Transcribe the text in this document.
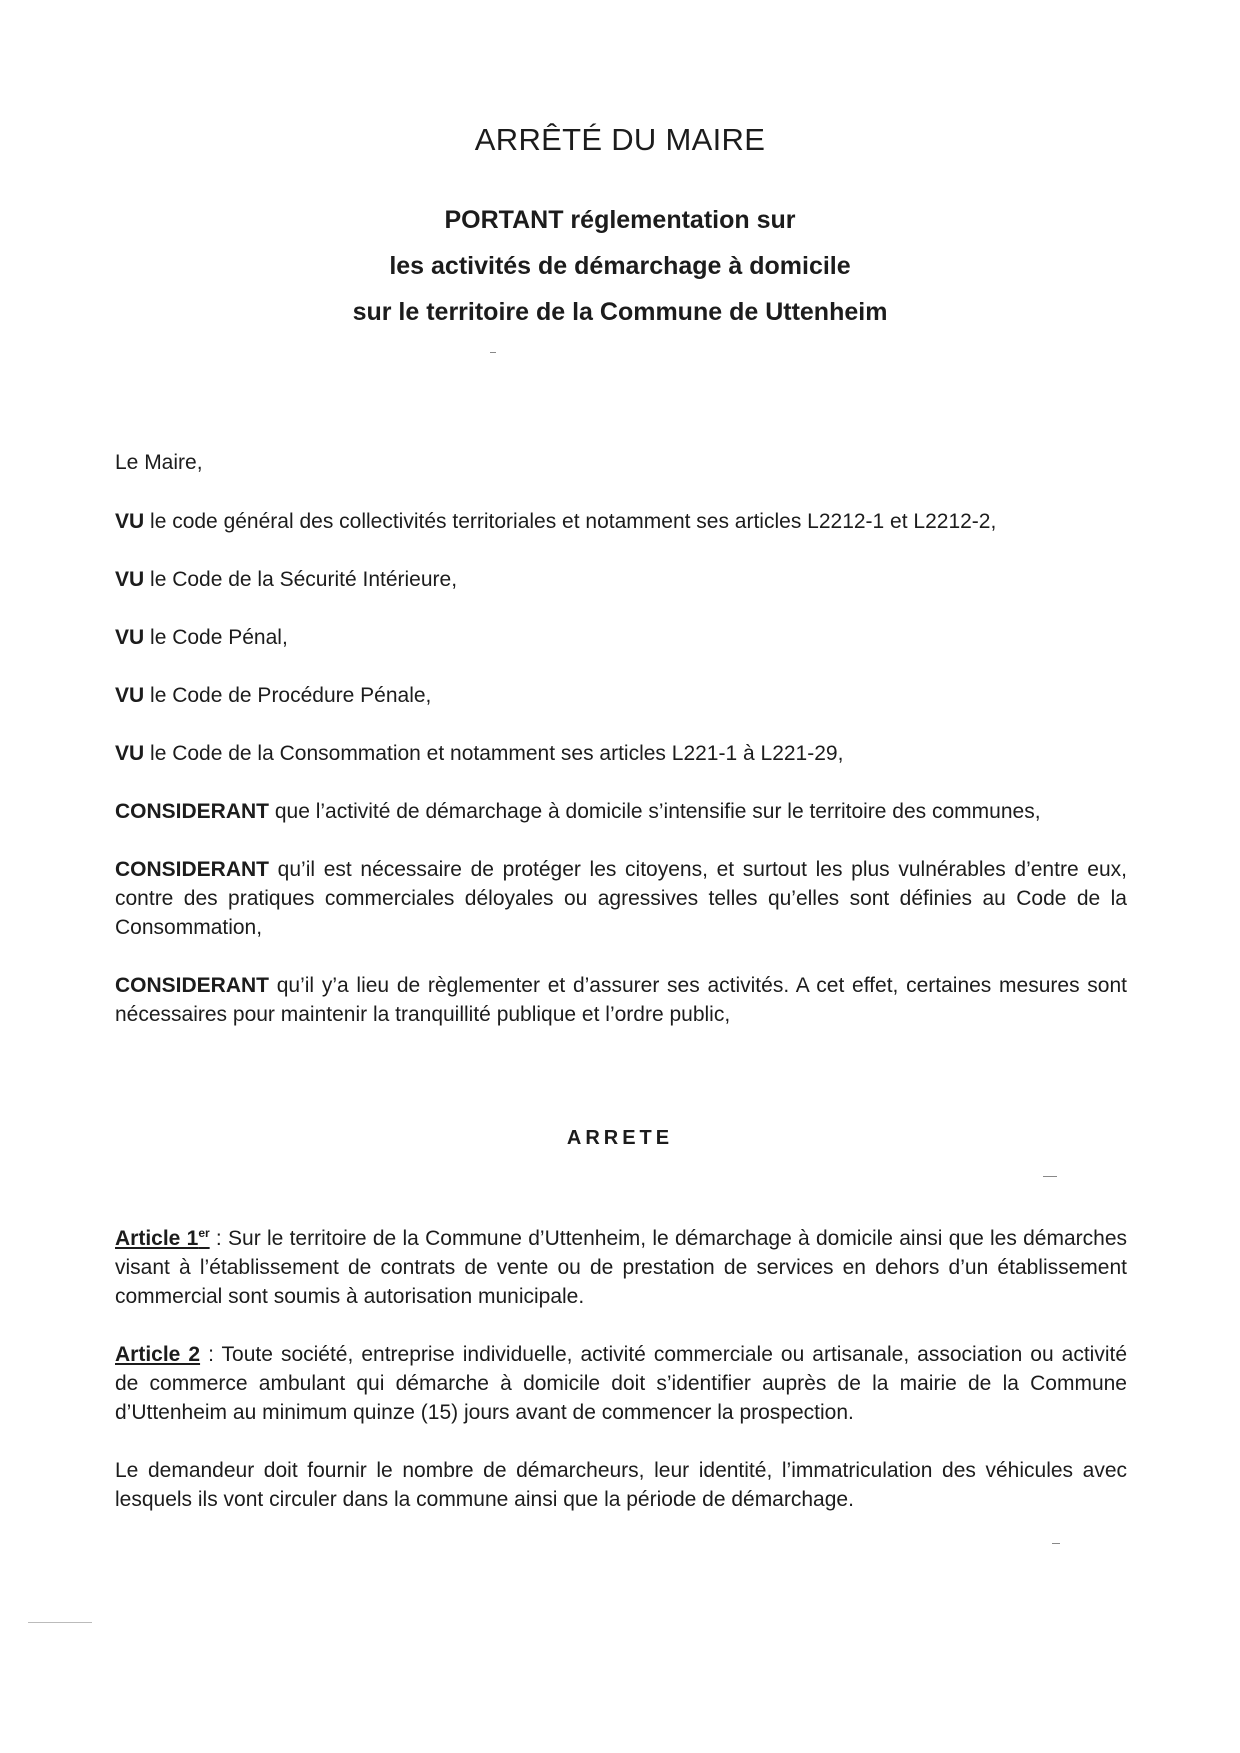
ARRÊTÉ DU MAIRE
PORTANT réglementation sur
les activités de démarchage à domicile
sur le territoire de la Commune de Uttenheim

Le Maire,

VU le code général des collectivités territoriales et notamment ses articles L2212-1 et L2212-2,

VU le Code de la Sécurité Intérieure,

VU le Code Pénal,

VU le Code de Procédure Pénale,

VU le Code de la Consommation et notamment ses articles L221-1 à L221-29,

CONSIDERANT que l’activité de démarchage à domicile s’intensifie sur le territoire des communes,

CONSIDERANT qu’il est nécessaire de protéger les citoyens, et surtout les plus vulnérables d’entre eux, contre des pratiques commerciales déloyales ou agressives telles qu’elles sont définies au Code de la Consommation,

CONSIDERANT qu’il y’a lieu de règlementer et d’assurer ses activités. A cet effet, certaines mesures sont nécessaires pour maintenir la tranquillité publique et l’ordre public,

ARRETE

Article 1er : Sur le territoire de la Commune d’Uttenheim, le démarchage à domicile ainsi que les démarches visant à l’établissement de contrats de vente ou de prestation de services en dehors d’un établissement commercial sont soumis à autorisation municipale.

Article 2 : Toute société, entreprise individuelle, activité commerciale ou artisanale, association ou activité de commerce ambulant qui démarche à domicile doit s’identifier auprès de la mairie de la Commune d’Uttenheim au minimum quinze (15) jours avant de commencer la prospection.

Le demandeur doit fournir le nombre de démarcheurs, leur identité, l’immatriculation des véhicules avec lesquels ils vont circuler dans la commune ainsi que la période de démarchage.
